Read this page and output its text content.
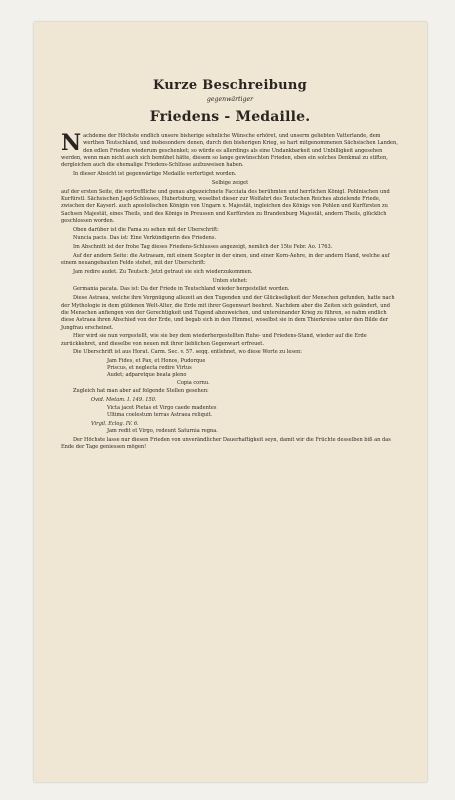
Kurze Beschreibung
gegenwärtiger
Friedens - Medaille.

Nachdeme der Höchste endlich unsere bisherige sehnliche Wünsche erhöret, und unserm geliebten Vatterlande, dem werthen Teutschland, und insbesondere denen, durch den bisherigen Krieg, so hart mitgenommenen Sächsischen Landen, den edlen Frieden wiederum geschenket; so würde es allerdings als eine Undankbarkeit und Unbilligkeit angesehen werden, wenn man nicht auch sich bemühet hätte, diesem so lange gewünschten Frieden, eben ein solches Denkmal zu stiften, dergleichen auch die ehemalige Friedens-Schlüsse aufzuweisen haben.

In dieser Absicht ist gegenwärtige Medaille verfertiget worden.

Selbige zeiget

auf der ersten Seite, die vortreffliche und genau abgezeichnete Facciata des berühmten und herrlichen Königl. Pohlnischen und Kurfürstl. Sächsischen Jagd-Schlosses, Hubertsburg, woselbst dieser zur Wolfahrt des Teutschen Reiches abzielende Friede, zwischen der Kayserl. auch apostolischen Königin von Ungarn x. Majestät, ingleichen des Königs von Pohlen und Kurfürsten zu Sachsen Majestät, eines Theils, und des Königs in Preussen und Kurfürsten zu Brandenburg Majestät, andern Theils, glücklich geschlossen worden.

Oben darüber ist die Fama zu sehen mit der Uberschrift:

Nuncia pacis. Das ist: Eine Verkündigerin des Friedens.

Im Abschnitt ist der frohe Tag dieses Friedens-Schlusses angezeigt, nemlich der 15te Febr. Ao. 1763.

Auf der andern Seite: die Astraeam, mit einem Scepter in der einen, und einer Korn-Aehre, in der andern Hand, welche auf einem neuangebauten Felde stehet, mit der Uberschrift:

Jam redire audet. Zu Teutsch: Jetzt getraut sie sich wiederzukommen.

Unten stehet:

Germania pacata. Das ist: Da der Friede in Teutschland wieder hergestellet worden.

Diese Astraea, welche ihre Vergnügung allezeit an den Tugenden und der Glückseligkeit der Menschen gefunden, hatte nach der Mythologie in dem güldenen Welt-Alter, die Erde mit ihrer Gegenwart beehret. Nachdem aber die Zeiten sich geändert, und die Menschen anfiengen von der Gerechtigkeit und Tugend abzuweichen, und untereinander Krieg zu führen, so nahm endlich diese Astraea ihren Abschied von der Erde, und begab sich in den Himmel, woselbst sie in dem Thierkreise unter den Bilde der Jungfrau erscheinet.

Hier wird sie nun vorgestellt, wie sie bey dem wiederhergestellten Ruhe- und Friedens-Stand, wieder auf die Erde zurückkehret, und dieselbe von neuen mit ihrer lieblichen Gegenwart erfreuet.

Die Uberschrift ist aus Horat. Carm. Sec. v. 57. seqq. entlehnet, wo diese Worte zu lesen:

Jam Fides, et Pax, et Honos, Pudorque
Priscus, et neglecta redire Virtus
Audet; adparetque beata pleno
Copia cornu.

Zugleich hat man aber auf folgende Stellen gesehen:

Ovid. Metam. I. 149. 150.

Victa jacet Pietas et Virgo caede madentes
Ultima coelestum terras Astraea reliquit.

Virgil. Eclog. IV. 6.

Jam redit et Virgo, redeunt Saturnia regna.

Der Höchste lasse nur diesen Frieden von unverändlicher Dauerhaftigkeit seyn, damit wir die Früchte desselben biß an das Ende der Tage geniessen mögen!
